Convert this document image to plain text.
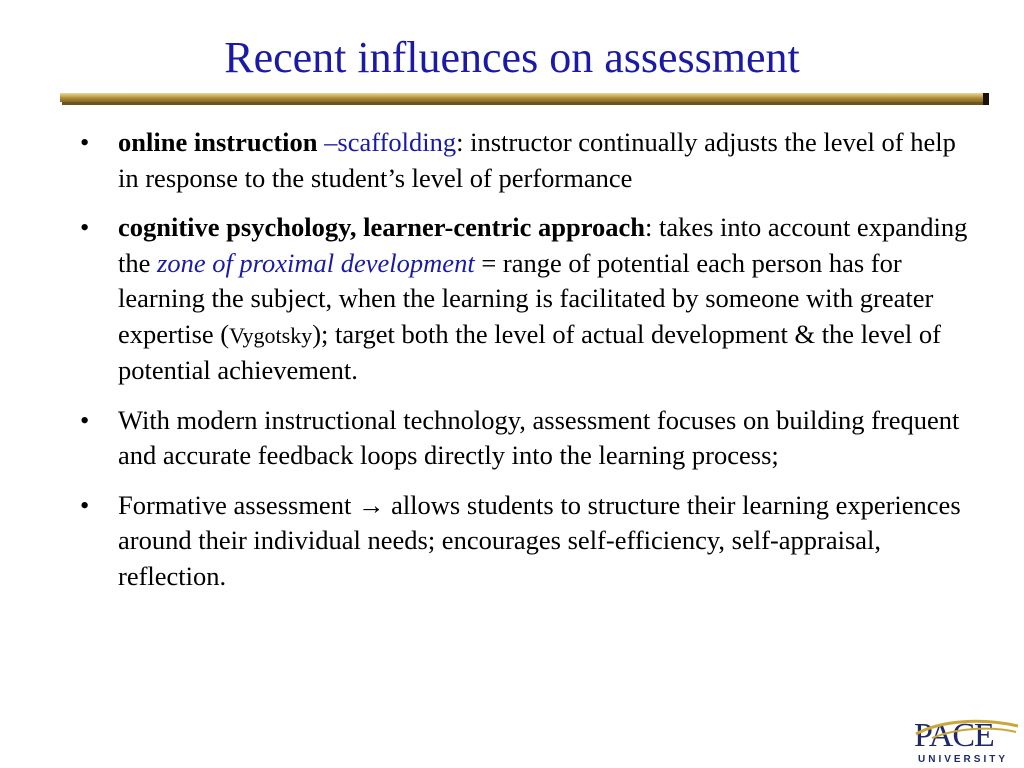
Recent influences on assessment
• online instruction –scaffolding: instructor continually adjusts the level of help in response to the student’s level of performance
• cognitive psychology, learner-centric approach: takes into account expanding the zone of proximal development = range of potential each person has for learning the subject, when the learning is facilitated by someone with greater expertise (Vygotsky); target both the level of actual development & the level of potential achievement.
• With modern instructional technology, assessment focuses on building frequent and accurate feedback loops directly into the learning process;
• Formative assessment → allows students to structure their learning experiences around their individual needs; encourages self-efficiency, self-appraisal, reflection.
PACE
UNIVERSITY
